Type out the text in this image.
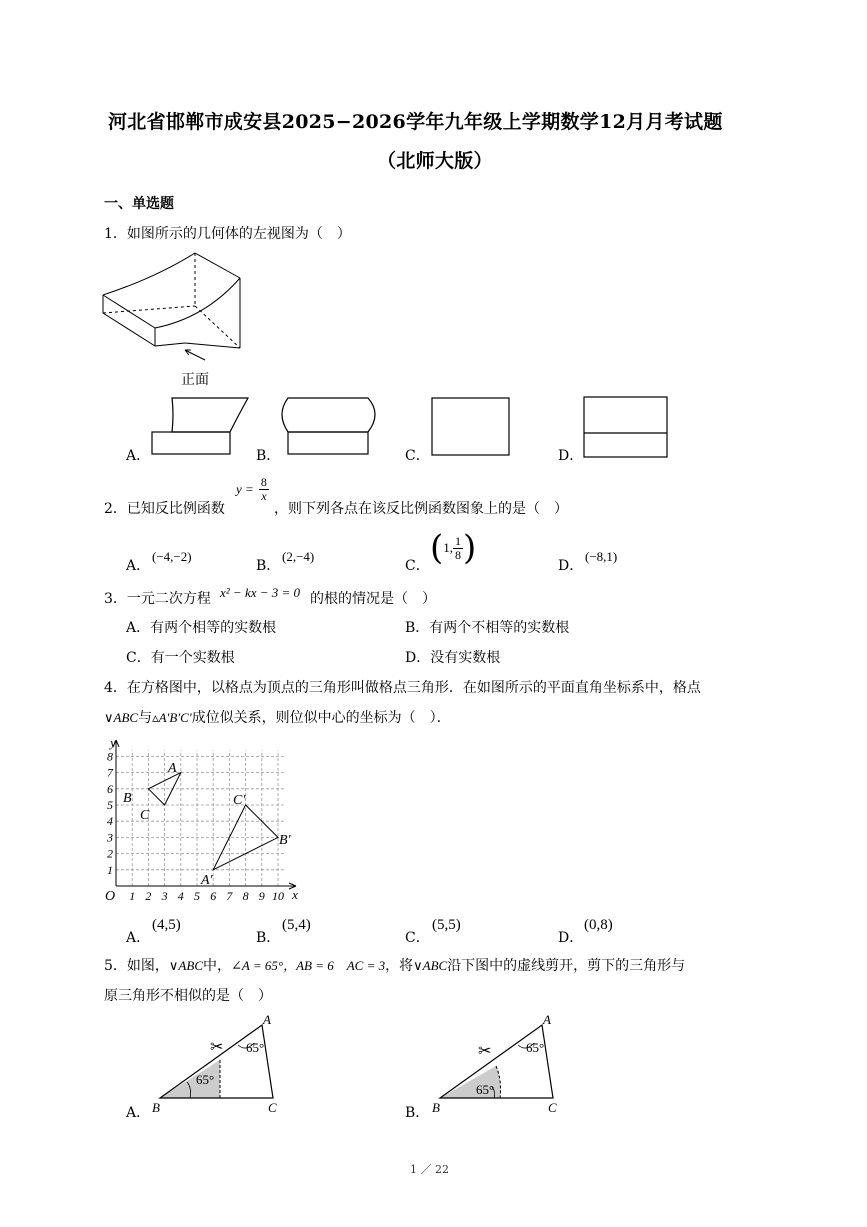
河北省邯郸市成安县2025−2026学年九年级上学期数学12月月考试题
（北师大版）
一、单选题
1．如图所示的几何体的左视图为（　）
正面
A．	B．	C．	D．
2．已知反比例函数
$y = \frac{8}{x}$
，则下列各点在该反比例函数图象上的是（　）
A．
(−4,−2)
B．
(2,−4)
C． (1, $\frac{1}{8}$ )	D．
(−8,1)
3．一元二次方程 x² − kx − 3 = 0 的根的情况是（　）
A．有两个相等的实数根	B．有两个不相等的实数根
C．有一个实数根	D．没有实数根
4．在方格图中，以格点为顶点的三角形叫做格点三角形．在如图所示的平面直角坐标系中，格点
∨ABC与▵A′B′C′成位似关系，则位似中心的坐标为（　）．
1 2 3 4 5 6 7 8 9 10
1
2
3
4
5
6
7
8
O	x
y
A
B
C
A′
B′
C′
A．
(4,5)
B．
(5,4)
C．
(5,5)
D．
(0,8)
5．如图，∨ABC中，∠A = 65°，AB = 6　AC = 3，将∨ABC沿下图中的虚线剪开，剪下的三角形与
原三角形不相似的是（　）
A．
A
B	C
65°
65°
✂
B．
A
B	C
65°
65°
✂
1 ／ 22
